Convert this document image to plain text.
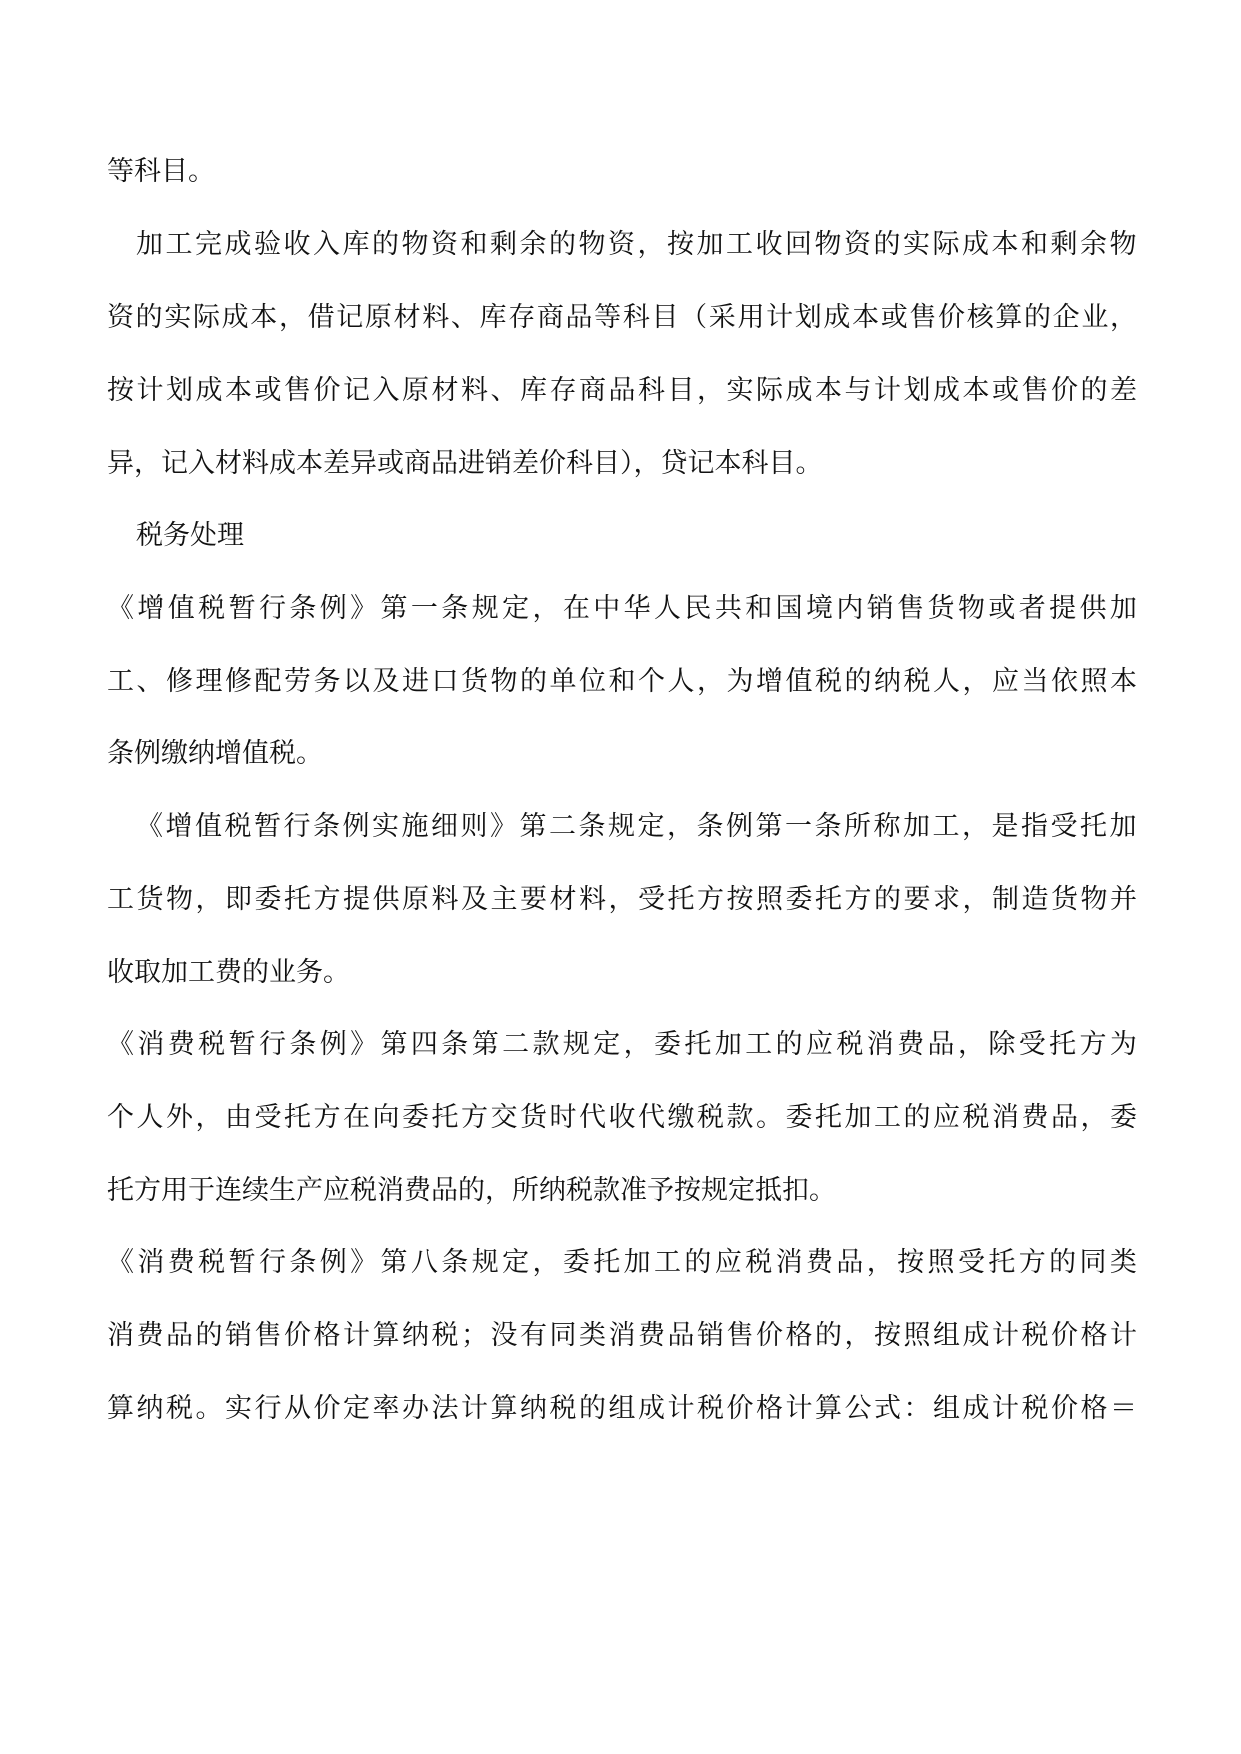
等科目。
加 工 完 成 验 收 入 库 的 物 资 和 剩 余 的 物 资 ， 按 加 工 收 回 物 资 的 实 际 成 本 和 剩 余 物
资 的 实 际 成 本 ， 借 记 原 材 料 、 库 存 商 品 等 科 目 （ 采 用 计 划 成 本 或 售 价 核 算 的 企 业 ，
按 计 划 成 本 或 售 价 记 入 原 材 料 、 库 存 商 品 科 目 ， 实 际 成 本 与 计 划 成 本 或 售 价 的 差
异，记入材料成本差异或商品进销差价科目），贷记本科目。
税务处理
《 增 值 税 暂 行 条 例 》 第 一 条 规 定 ， 在 中 华 人 民 共 和 国 境 内 销 售 货 物 或 者 提 供 加
工 、 修 理 修 配 劳 务 以 及 进 口 货 物 的 单 位 和 个 人 ， 为 增 值 税 的 纳 税 人 ， 应 当 依 照 本
条例缴纳增值税。
《 增 值 税 暂 行 条 例 实 施 细 则 》 第 二 条 规 定 ， 条 例 第 一 条 所 称 加 工 ， 是 指 受 托 加
工 货 物 ， 即 委 托 方 提 供 原 料 及 主 要 材 料 ， 受 托 方 按 照 委 托 方 的 要 求 ， 制 造 货 物 并
收取加工费的业务。
《 消 费 税 暂 行 条 例 》 第 四 条 第 二 款 规 定 ， 委 托 加 工 的 应 税 消 费 品 ， 除 受 托 方 为
个 人 外 ， 由 受 托 方 在 向 委 托 方 交 货 时 代 收 代 缴 税 款 。 委 托 加 工 的 应 税 消 费 品 ， 委
托方用于连续生产应税消费品的，所纳税款准予按规定抵扣。
《 消 费 税 暂 行 条 例 》 第 八 条 规 定 ， 委 托 加 工 的 应 税 消 费 品 ， 按 照 受 托 方 的 同 类
消 费 品 的 销 售 价 格 计 算 纳 税 ； 没 有 同 类 消 费 品 销 售 价 格 的 ， 按 照 组 成 计 税 价 格 计
算 纳 税 。 实 行 从 价 定 率 办 法 计 算 纳 税 的 组 成 计 税 价 格 计 算 公 式 ： 组 成 计 税 价 格 ＝
